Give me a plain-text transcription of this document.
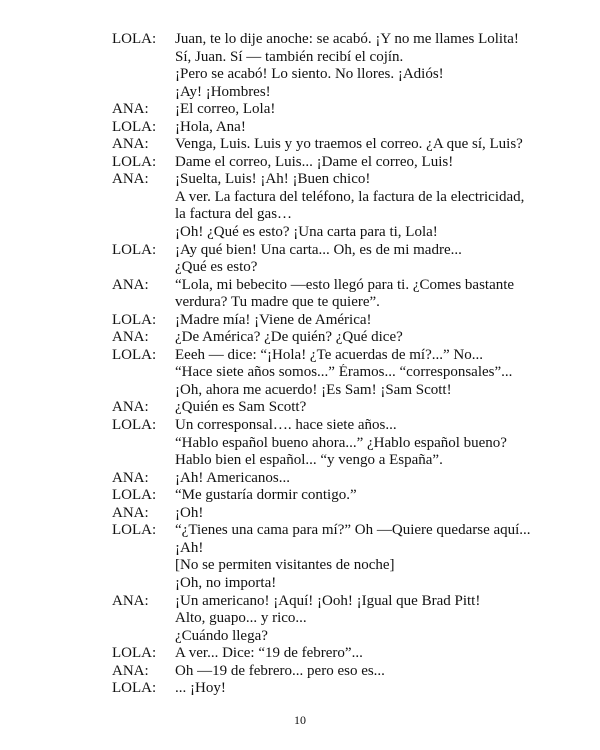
LOLA:	Juan, te lo dije anoche: se acabó. ¡Y no me llames Lolita!
Sí, Juan. Sí — también recibí el cojín.
¡Pero se acabó! Lo siento. No llores. ¡Adiós!
¡Ay! ¡Hombres!
ANA:	¡El correo, Lola!
LOLA:	¡Hola, Ana!
ANA:	Venga, Luis. Luis y yo traemos el correo. ¿A que sí, Luis?
LOLA:	Dame el correo, Luis... ¡Dame el correo, Luis!
ANA:	¡Suelta, Luis! ¡Ah! ¡Buen chico!
A ver. La factura del teléfono, la factura de la electricidad,
la factura del gas…
¡Oh! ¿Qué es esto? ¡Una carta para ti, Lola!
LOLA:	¡Ay qué bien! Una carta... Oh, es de mi madre...
¿Qué es esto?
ANA:	“Lola, mi bebecito —esto llegó para ti. ¿Comes bastante
verdura? Tu madre que te quiere”.
LOLA:	¡Madre mía! ¡Viene de América!
ANA:	¿De América? ¿De quién? ¿Qué dice?
LOLA:	Eeeh — dice: “¡Hola! ¿Te acuerdas de mí?...” No...
“Hace siete años somos...” Éramos... “corresponsales”...
¡Oh, ahora me acuerdo! ¡Es Sam! ¡Sam Scott!
ANA:	¿Quién es Sam Scott?
LOLA:	Un corresponsal…. hace siete años...
“Hablo español bueno ahora...” ¿Hablo español bueno?
Hablo bien el español... “y vengo a España”.
ANA:	¡Ah! Americanos...
LOLA:	“Me gustaría dormir contigo.”
ANA:	¡Oh!
LOLA:	“¿Tienes una cama para mí?” Oh —Quiere quedarse aquí...
¡Ah!
[No se permiten visitantes de noche]
¡Oh, no importa!
ANA:	¡Un americano! ¡Aquí! ¡Ooh! ¡Igual que Brad Pitt!
Alto, guapo... y rico...
¿Cuándo llega?
LOLA:	A ver... Dice: “19 de febrero”...
ANA:	Oh —19 de febrero... pero eso es...
LOLA:	... ¡Hoy!
10
